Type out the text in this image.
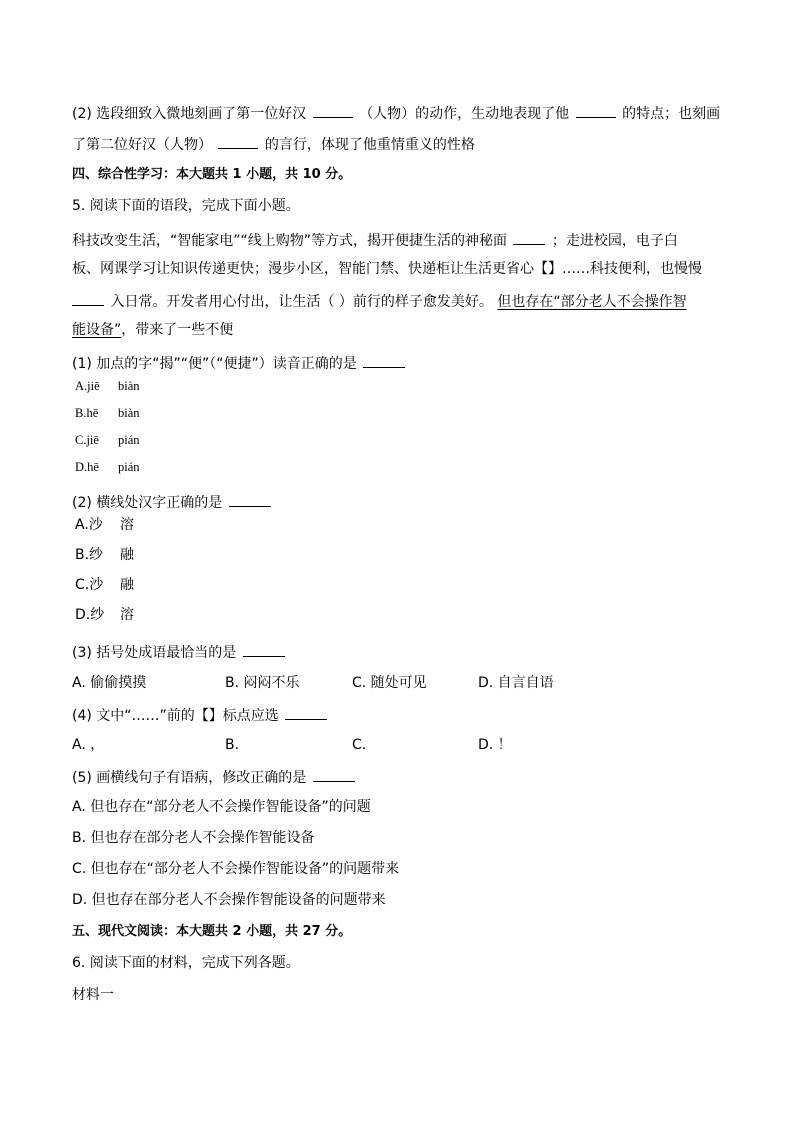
(2) 选段细致入微地刻画了第一位好汉	（人物）的动作，生动地表现了他	的特点；也刻画
了第二位好汉（人物）	的言行，体现了他重情重义的性格
四、综合性学习：本大题共 1 小题，共 10 分。
5. 阅读下面的语段，完成下面小题。
科技改变生活，“智能家电”“线上购物”等方式，揭开便捷生活的神秘面	；走进校园，电子白
板、网课学习让知识传递更快；漫步小区，智能门禁、快递柜让生活更省心【】……科技便利，也慢慢
入日常。开发者用心付出，让生活（ ）前行的样子愈发美好。 但也存在“部分老人不会操作智
能设备”，带来了一些不便
(1) 加点的字“揭”“便”（“便捷”）读音正确的是
A.jiē biàn
B.hē biàn
C.jiē pián
D.hē pián
(2) 横线处汉字正确的是
A.沙 溶
B.纱 融
C.沙 融
D.纱 溶
(3) 括号处成语最恰当的是
A. 偷偷摸摸	B. 闷闷不乐	C. 随处可见	D. 自言自语
(4) 文中“……”前的【】标点应选
A. ，	B.	C.	D. ！
(5) 画横线句子有语病，修改正确的是
A. 但也存在“部分老人不会操作智能设备”的问题
B. 但也存在部分老人不会操作智能设备
C. 但也存在“部分老人不会操作智能设备”的问题带来
D. 但也存在部分老人不会操作智能设备的问题带来
五、现代文阅读：本大题共 2 小题，共 27 分。
6. 阅读下面的材料，完成下列各题。
材料一
